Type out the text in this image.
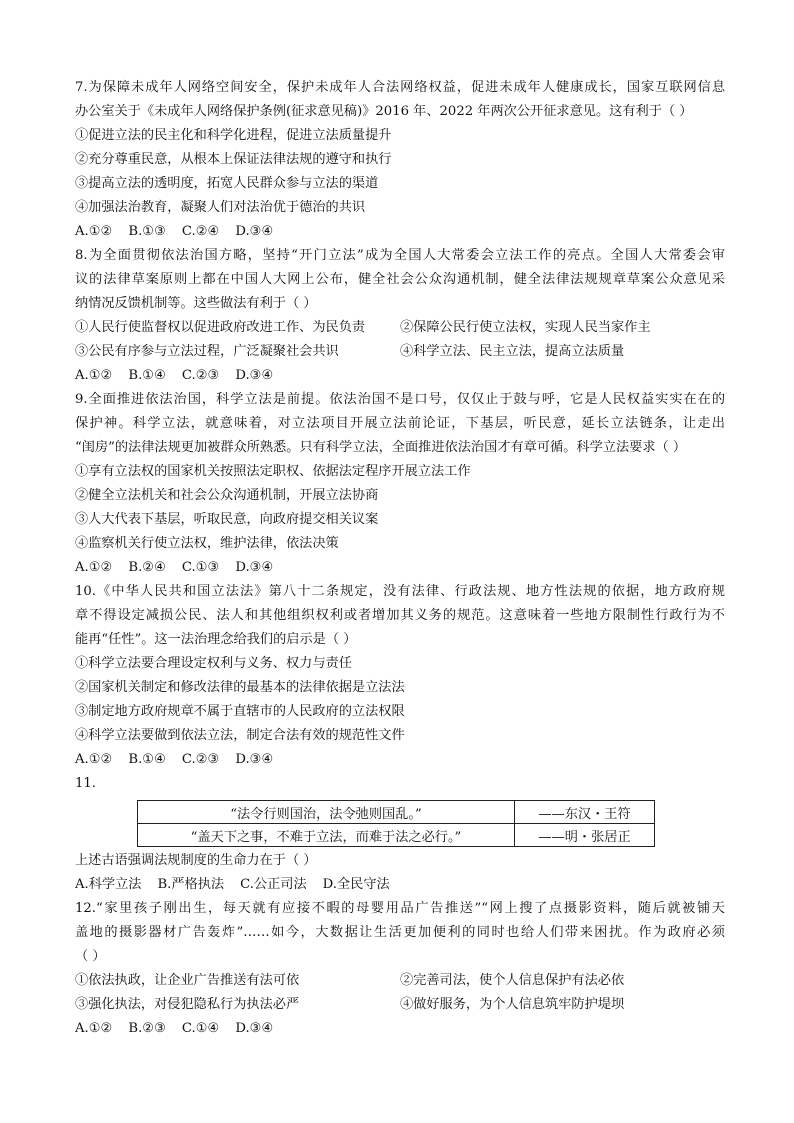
7.为保障未成年人网络空间安全，保护未成年人合法网络权益，促进未成年人健康成长，国家互联网信息
办公室关于《未成年人网络保护条例(征求意见稿)》2016 年、2022 年两次公开征求意见。这有利于（ ）
①促进立法的民主化和科学化进程，促进立法质量提升
②充分尊重民意，从根本上保证法律法规的遵守和执行
③提高立法的透明度，拓宽人民群众参与立法的渠道
④加强法治教育，凝聚人们对法治优于德治的共识
A.①② B.①③ C.②④ D.③④
8.为全面贯彻依法治国方略，坚持“开门立法”成为全国人大常委会立法工作的亮点。全国人大常委会审
议的法律草案原则上都在中国人大网上公布，健全社会公众沟通机制，健全法律法规规章草案公众意见采
纳情况反馈机制等。这些做法有利于（ ）
①人民行使监督权以促进政府改进工作、为民负责	②保障公民行使立法权，实现人民当家作主
③公民有序参与立法过程，广泛凝聚社会共识	④科学立法、民主立法，提高立法质量
A.①② B.①④ C.②③ D.③④
9.全面推进依法治国，科学立法是前提。依法治国不是口号，仅仅止于鼓与呼，它是人民权益实实在在的
保护神。科学立法，就意味着，对立法项目开展立法前论证，下基层，听民意，延长立法链条，让走出
“闺房”的法律法规更加被群众所熟悉。只有科学立法，全面推进依法治国才有章可循。科学立法要求（ ）
①享有立法权的国家机关按照法定职权、依据法定程序开展立法工作
②健全立法机关和社会公众沟通机制，开展立法协商
③人大代表下基层，听取民意，向政府提交相关议案
④监察机关行使立法权，维护法律，依法决策
A.①② B.②④ C.①③ D.③④
10.《中华人民共和国立法法》第八十二条规定，没有法律、行政法规、地方性法规的依据，地方政府规
章不得设定减损公民、法人和其他组织权利或者增加其义务的规范。这意味着一些地方限制性行政行为不
能再“任性”。这一法治理念给我们的启示是（ ）
①科学立法要合理设定权利与义务、权力与责任
②国家机关制定和修改法律的最基本的法律依据是立法法
③制定地方政府规章不属于直辖市的人民政府的立法权限
④科学立法要做到依法立法，制定合法有效的规范性文件
A.①② B.①④ C.②③ D.③④
11.
“法令行则国治，法令弛则国乱。”	——东汉・王符
“盖天下之事，不难于立法，而难于法之必行。”	——明・张居正
上述古语强调法规制度的生命力在于（ ）
A.科学立法 B.严格执法 C.公正司法 D.全民守法
12.“家里孩子刚出生，每天就有应接不暇的母婴用品广告推送”“网上搜了点摄影资料，随后就被铺天
盖地的摄影器材广告轰炸”……如今，大数据让生活更加便利的同时也给人们带来困扰。作为政府必须
（ ）
①依法执政，让企业广告推送有法可依	②完善司法，使个人信息保护有法必依
③强化执法，对侵犯隐私行为执法必严	④做好服务，为个人信息筑牢防护堤坝
A.①② B.②③ C.①④ D.③④
